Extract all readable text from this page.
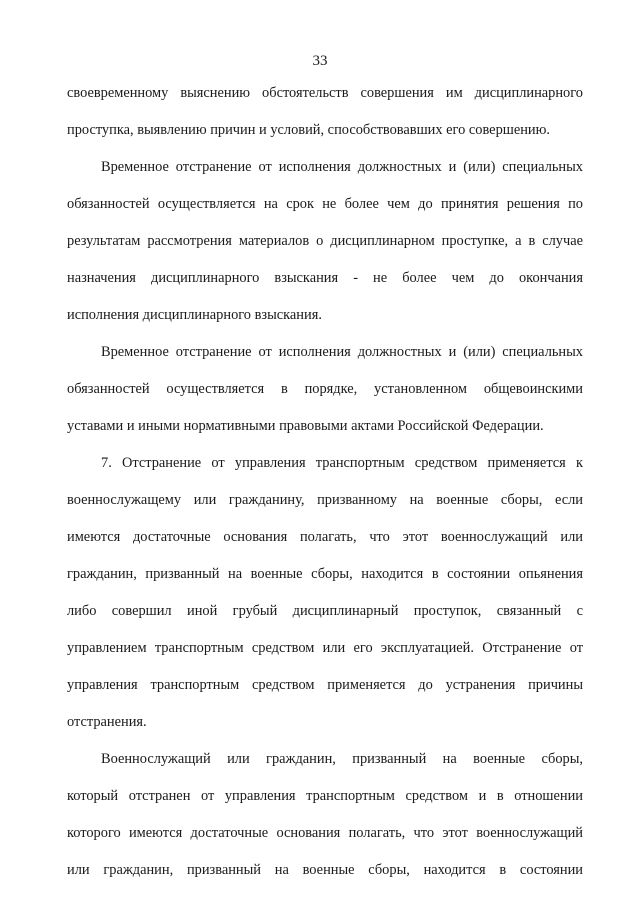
33
своевременному выяснению обстоятельств совершения им дисциплинарного
проступка, выявлению причин и условий, способствовавших его совершению.
Временное отстранение от исполнения должностных и (или) специальных
обязанностей осуществляется на срок не более чем до принятия решения по
результатам рассмотрения материалов о дисциплинарном проступке, а в случае
назначения дисциплинарного взыскания - не более чем до окончания
исполнения дисциплинарного взыскания.
Временное отстранение от исполнения должностных и (или) специальных
обязанностей осуществляется в порядке, установленном общевоинскими
уставами и иными нормативными правовыми актами Российской Федерации.
7. Отстранение от управления транспортным средством применяется к
военнослужащему или гражданину, призванному на военные сборы, если
имеются достаточные основания полагать, что этот военнослужащий или
гражданин, призванный на военные сборы, находится в состоянии опьянения
либо совершил иной грубый дисциплинарный проступок, связанный с
управлением транспортным средством или его эксплуатацией. Отстранение от
управления транспортным средством применяется до устранения причины
отстранения.
Военнослужащий или гражданин, призванный на военные сборы,
который отстранен от управления транспортным средством и в отношении
которого имеются достаточные основания полагать, что этот военнослужащий
или гражданин, призванный на военные сборы, находится в состоянии
